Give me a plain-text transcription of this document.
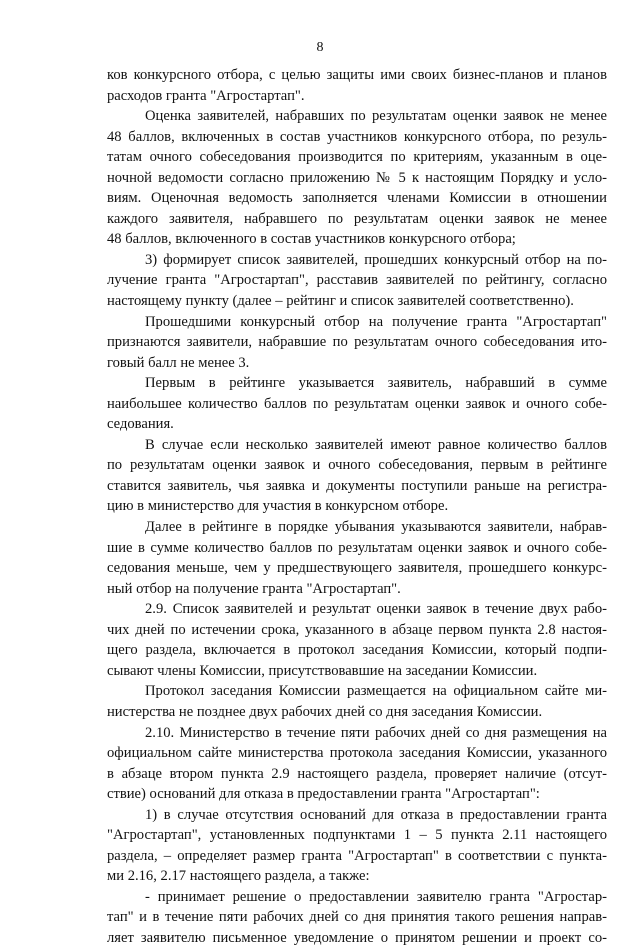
8
ков конкурсного отбора, с целью защиты ими своих бизнес-планов и планов
расходов гранта "Агростартап".
Оценка заявителей, набравших по результатам оценки заявок не менее
48 баллов, включенных в состав участников конкурсного отбора, по резуль-
татам очного собеседования производится по критериям, указанным в оце-
ночной ведомости согласно приложению № 5 к настоящим Порядку и усло-
виям. Оценочная ведомость заполняется членами Комиссии в отношении
каждого заявителя, набравшего по результатам оценки заявок не менее
48 баллов, включенного в состав участников конкурсного отбора;
3) формирует список заявителей, прошедших конкурсный отбор на по-
лучение гранта "Агростартап", расставив заявителей по рейтингу, согласно
настоящему пункту (далее – рейтинг и список заявителей соответственно).
Прошедшими конкурсный отбор на получение гранта "Агростартап"
признаются заявители, набравшие по результатам очного собеседования ито-
говый балл не менее 3.
Первым в рейтинге указывается заявитель, набравший в сумме
наибольшее количество баллов по результатам оценки заявок и очного собе-
седования.
В случае если несколько заявителей имеют равное количество баллов
по результатам оценки заявок и очного собеседования, первым в рейтинге
ставится заявитель, чья заявка и документы поступили раньше на регистра-
цию в министерство для участия в конкурсном отборе.
Далее в рейтинге в порядке убывания указываются заявители, набрав-
шие в сумме количество баллов по результатам оценки заявок и очного собе-
седования меньше, чем у предшествующего заявителя, прошедшего конкурс-
ный отбор на получение гранта "Агростартап".
2.9. Список заявителей и результат оценки заявок в течение двух рабо-
чих дней по истечении срока, указанного в абзаце первом пункта 2.8 настоя-
щего раздела, включается в протокол заседания Комиссии, который подпи-
сывают члены Комиссии, присутствовавшие на заседании Комиссии.
Протокол заседания Комиссии размещается на официальном сайте ми-
нистерства не позднее двух рабочих дней со дня заседания Комиссии.
2.10. Министерство в течение пяти рабочих дней со дня размещения на
официальном сайте министерства протокола заседания Комиссии, указанного
в абзаце втором пункта 2.9 настоящего раздела, проверяет наличие (отсут-
ствие) оснований для отказа в предоставлении гранта "Агростартап":
1) в случае отсутствия оснований для отказа в предоставлении гранта
"Агростартап", установленных подпунктами 1 – 5 пункта 2.11 настоящего
раздела, – определяет размер гранта "Агростартап" в соответствии с пункта-
ми 2.16, 2.17 настоящего раздела, а также:
- принимает решение о предоставлении заявителю гранта "Агростар-
тап" и в течение пяти рабочих дней со дня принятия такого решения направ-
ляет заявителю письменное уведомление о принятом решении и проект со-
